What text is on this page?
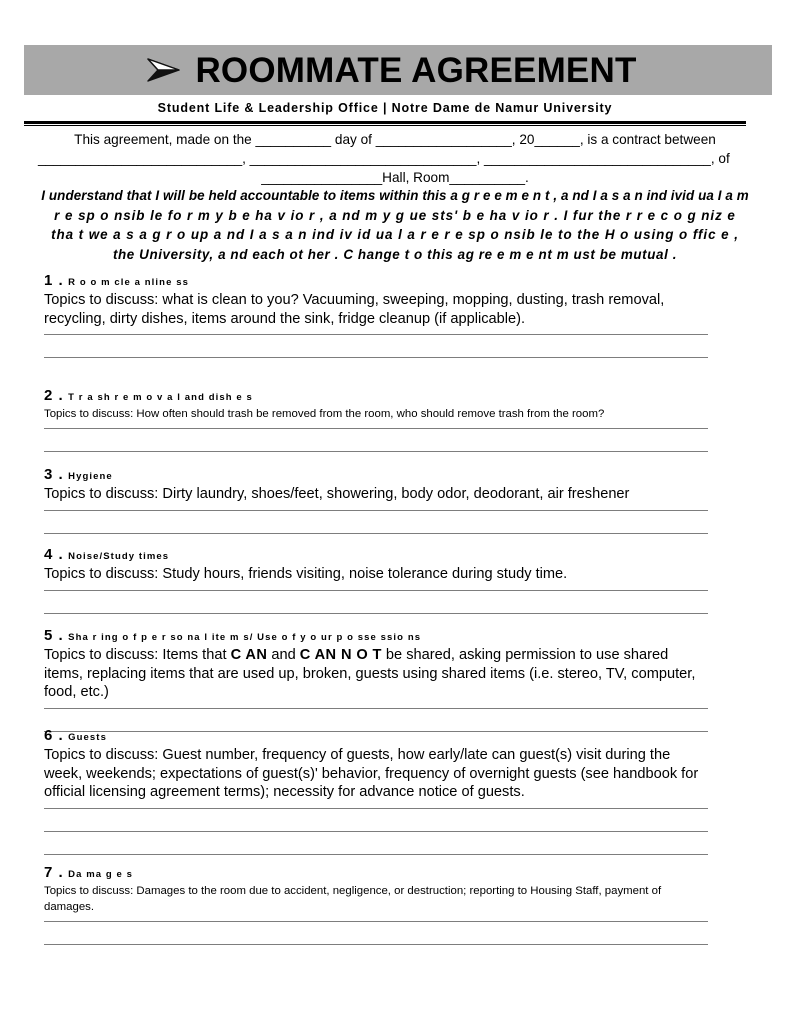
ROOMMATE AGREEMENT
Student Life & Leadership Office | Notre Dame de Namur University
This agreement, made on the __________ day of __________________, 20______, is a contract between
___________________________, ______________________________, ______________________________, of
________________Hall, Room__________.
I understand that I will be held accountable to items within this a g r e e m e n t , a nd I a s a n ind ivid ua I a m
r e sp o nsib le fo r m y b e ha v io r , a nd m y g ue sts' b e ha v io r . I fur the r r e c o g niz e
tha t we a s a g r o up a nd I a s a n ind iv id ua l a r e r e sp o nsib le to the H o using o ffic e ,
the University, a nd each ot her . C hange t o this ag re e m e nt m ust be mutual .
1 . R o o m cle a nline ss

Topics to discuss: what is clean to you? Vacuuming, sweeping, mopping, dusting, trash removal, recycling, dirty dishes, items around the sink, fridge cleanup (if applicable).

2 . T r a sh r e m o v a l and dish e s

Topics to discuss: How often should trash be removed from the room, who should remove trash from the room?

3 . Hygiene

Topics to discuss: Dirty laundry, shoes/feet, showering, body odor, deodorant, air freshener

4 . Noise/Study times

Topics to discuss: Study hours, friends visiting, noise tolerance during study time.

5 . Sha r ing o f p e r so na l ite m s/ Use o f y o ur p o sse ssio ns

Topics to discuss: Items that C AN and C AN N O T be shared, asking permission to use shared items, replacing items that are used up, broken, guests using shared items (i.e. stereo, TV, computer, food, etc.)

6 . Guests

Topics to discuss: Guest number, frequency of guests, how early/late can guest(s) visit during the week, weekends; expectations of guest(s)' behavior, frequency of overnight guests (see handbook for official licensing agreement terms); necessity for advance notice of guests.

7 . Da ma g e s

Topics to discuss: Damages to the room due to accident, negligence, or destruction; reporting to Housing Staff, payment of damages.
